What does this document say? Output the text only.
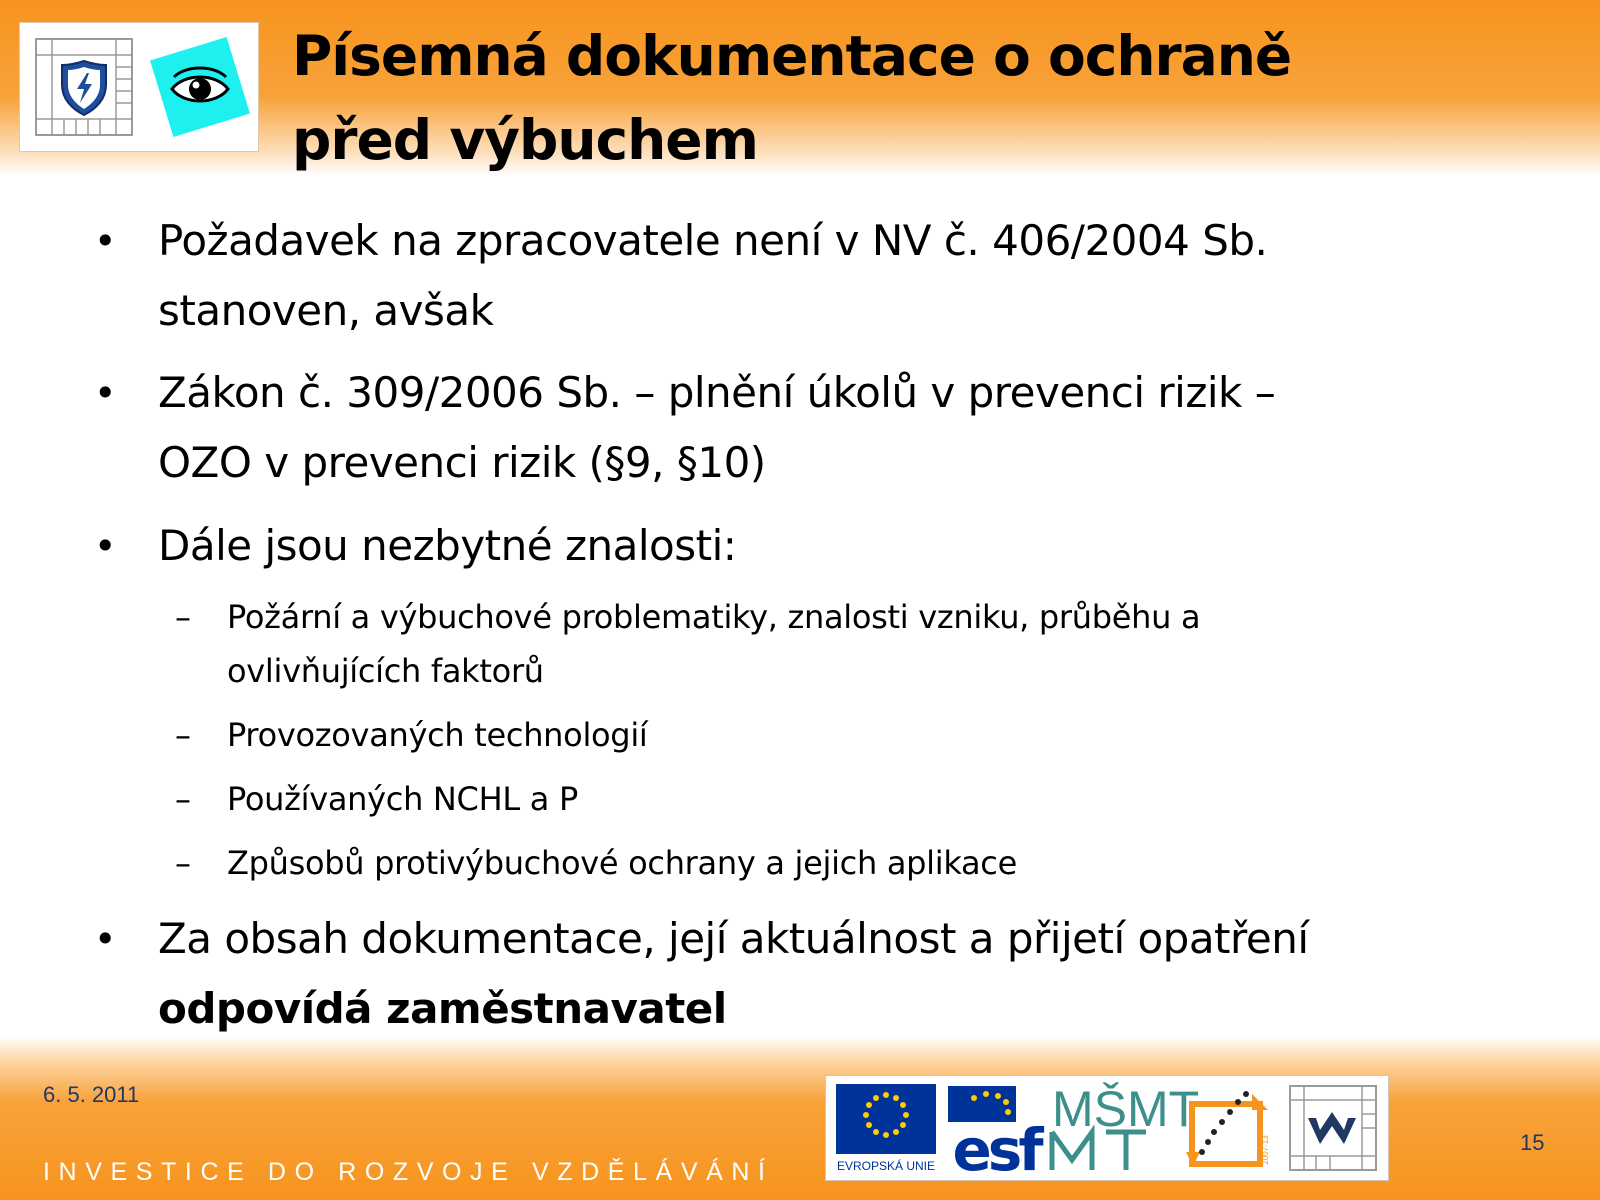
Písemná dokumentace o ochraně
před výbuchem
• Požadavek na zpracovatele není v NV č. 406/2004 Sb.
stanoven, avšak
• Zákon č. 309/2006 Sb. – plnění úkolů v prevenci rizik –
OZO v prevenci rizik (§9, §10)
• Dále jsou nezbytné znalosti:
– Požární a výbuchové problematiky, znalosti vzniku, průběhu a
ovlivňujících faktorů
– Provozovaných technologií
– Používaných NCHL a P
– Způsobů protivýbuchové ochrany a jejich aplikace
• Za obsah dokumentace, její aktuálnost a přijetí opatření
odpovídá zaměstnavatel
6. 5. 2011
INVESTICE DO ROZVOJE VZDĚLÁVÁNÍ
15
EVROPSKÁ UNIE esf
MŠMT
2007-13
